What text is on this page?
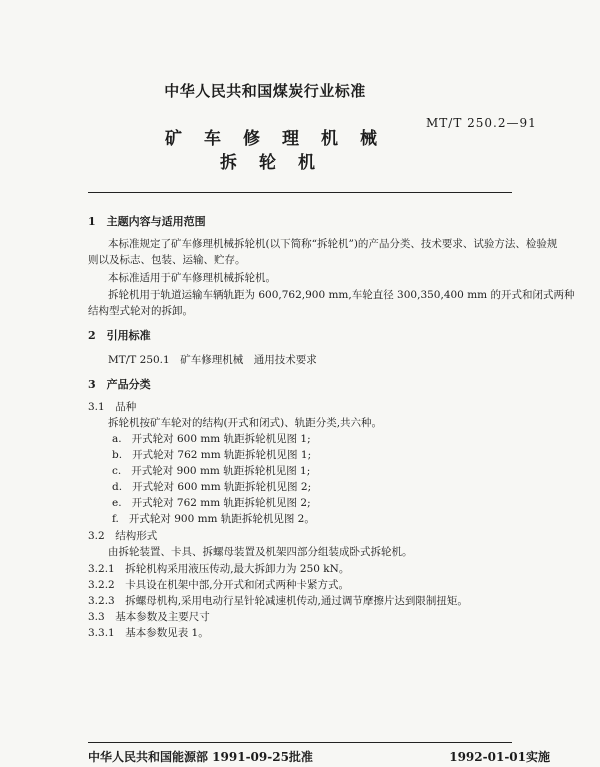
中华人民共和国煤炭行业标准
MT/T 250.2—91
矿车修理机械
拆轮机
1　主题内容与适用范围
本标准规定了矿车修理机械拆轮机(以下简称“拆轮机”)的产品分类、技术要求、试验方法、检验规
则以及标志、包装、运输、贮存。
本标准适用于矿车修理机械拆轮机。
拆轮机用于轨道运输车辆轨距为 600,762,900 mm,车轮直径 300,350,400 mm 的开式和闭式两种
结构型式轮对的拆卸。
2　引用标准
MT/T 250.1　矿车修理机械　通用技术要求
3　产品分类
3.1　品种
拆轮机按矿车轮对的结构(开式和闭式)、轨距分类,共六种。
a. 开式轮对 600 mm 轨距拆轮机见图 1;
b. 开式轮对 762 mm 轨距拆轮机见图 1;
c. 开式轮对 900 mm 轨距拆轮机见图 1;
d. 开式轮对 600 mm 轨距拆轮机见图 2;
e. 开式轮对 762 mm 轨距拆轮机见图 2;
f. 开式轮对 900 mm 轨距拆轮机见图 2。
3.2　结构形式
由拆轮装置、卡具、拆螺母装置及机架四部分组装成卧式拆轮机。
3.2.1　拆轮机构采用液压传动,最大拆卸力为 250 kN。
3.2.2　卡具设在机架中部,分开式和闭式两种卡紧方式。
3.2.3　拆螺母机构,采用电动行星针轮减速机传动,通过调节摩擦片达到限制扭矩。
3.3　基本参数及主要尺寸
3.3.1　基本参数见表 1。
中华人民共和国能源部 1991-09-25批准	1992-01-01实施
